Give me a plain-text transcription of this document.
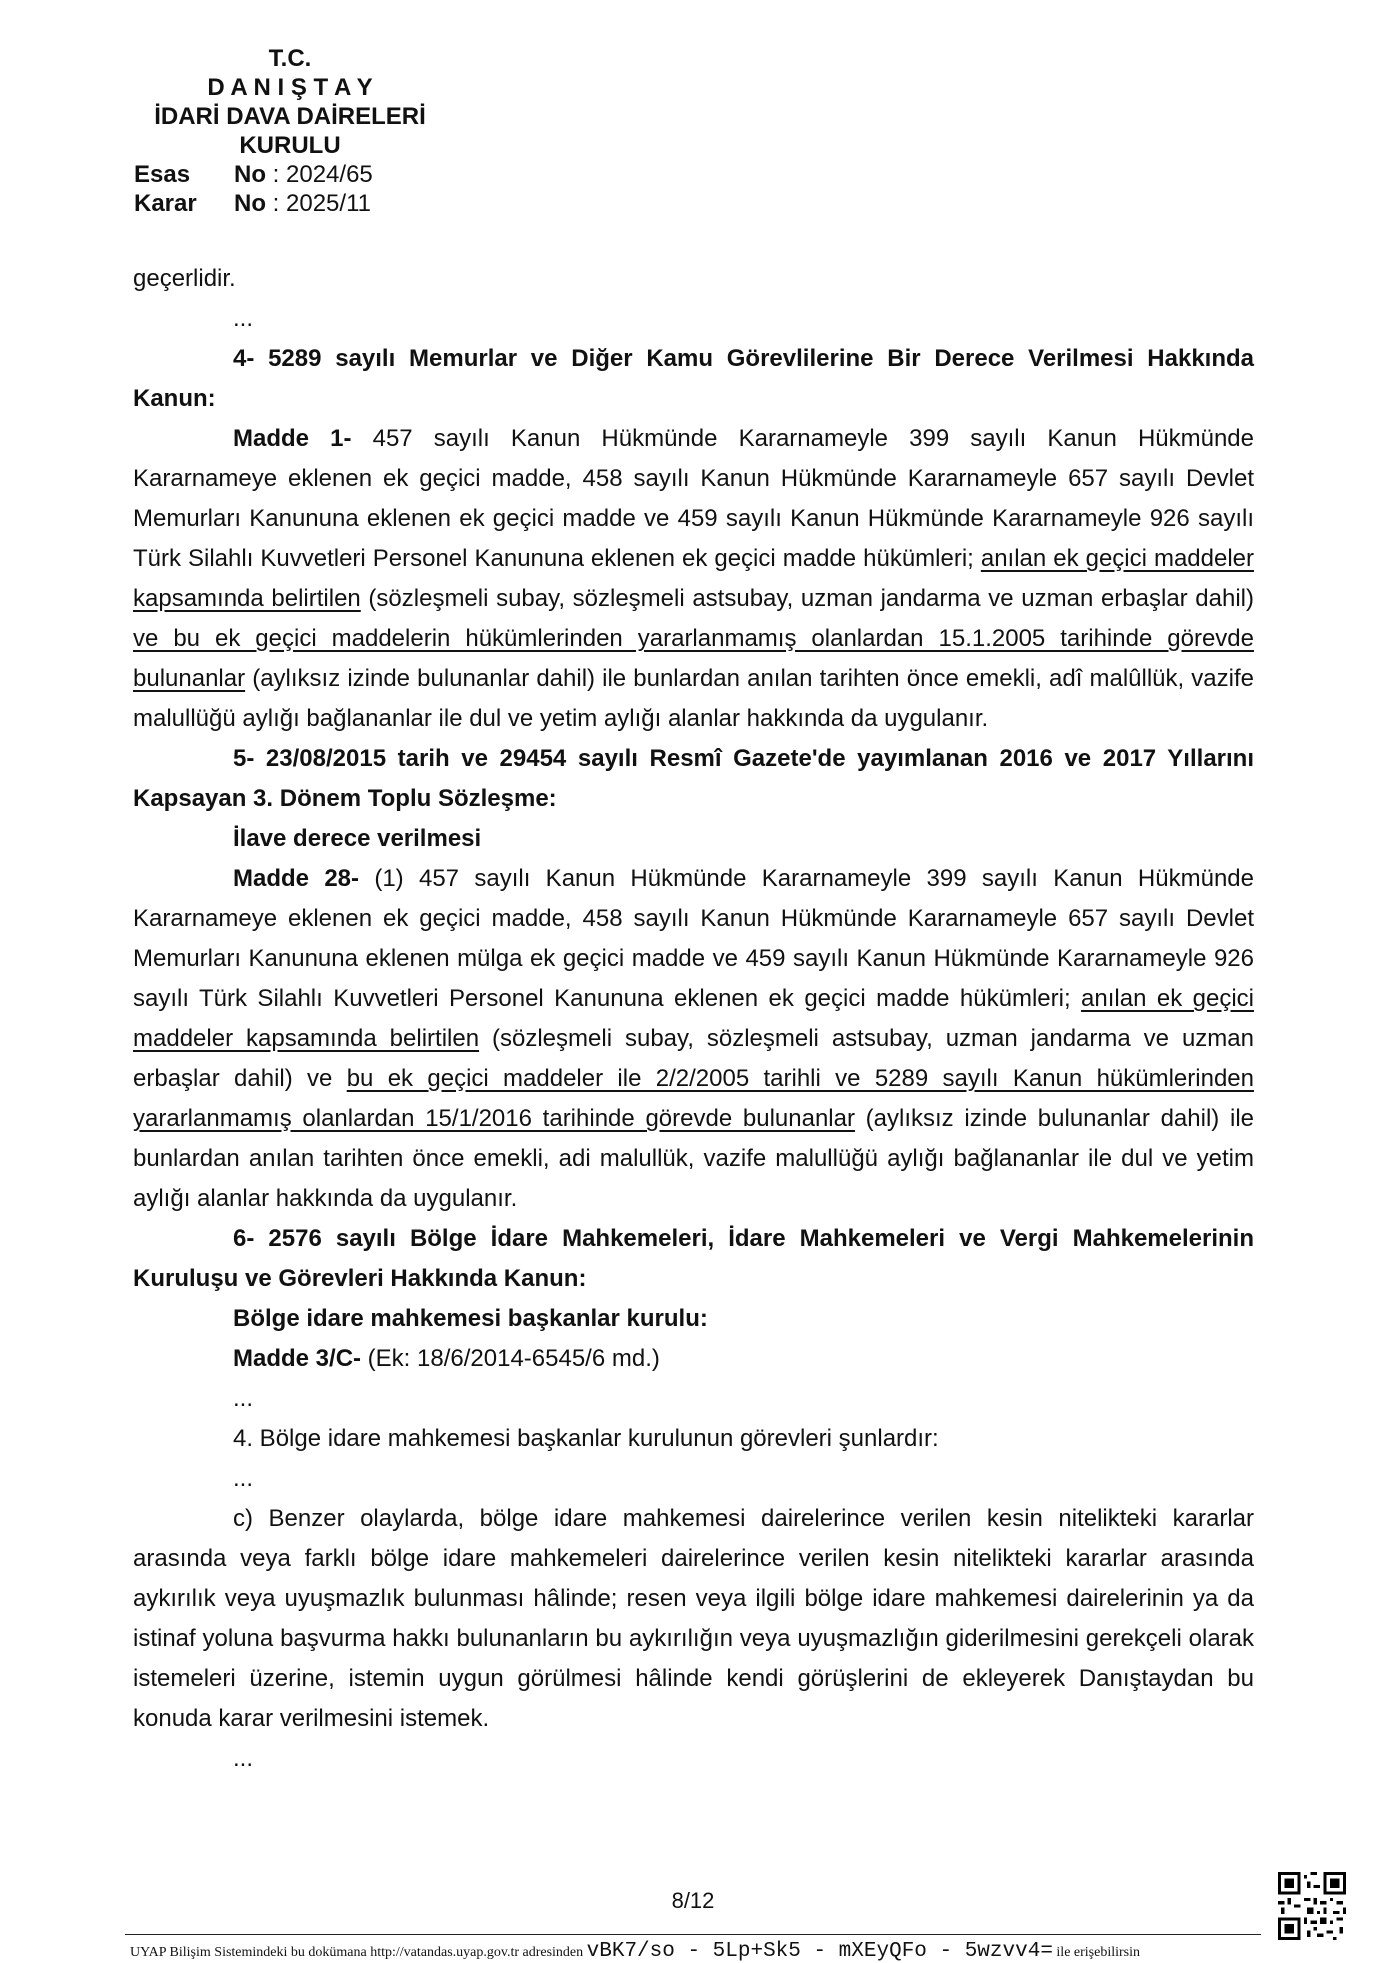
T.C.
D A N I Ş T A Y
İDARİ DAVA DAİRELERİ
KURULU
Esas No : 2024/65
Karar No : 2025/11

geçerlidir.

...

4- 5289 sayılı Memurlar ve Diğer Kamu Görevlilerine Bir Derece Verilmesi Hakkında Kanun:

Madde 1- 457 sayılı Kanun Hükmünde Kararnameyle 399 sayılı Kanun Hükmünde Kararnameye eklenen ek geçici madde, 458 sayılı Kanun Hükmünde Kararnameyle 657 sayılı Devlet Memurları Kanununa eklenen ek geçici madde ve 459 sayılı Kanun Hükmünde Kararnameyle 926 sayılı Türk Silahlı Kuvvetleri Personel Kanununa eklenen ek geçici madde hükümleri; anılan ek geçici maddeler kapsamında belirtilen (sözleşmeli subay, sözleşmeli astsubay, uzman jandarma ve uzman erbaşlar dahil) ve bu ek geçici maddelerin hükümlerinden yararlanmamış olanlardan 15.1.2005 tarihinde görevde bulunanlar (aylıksız izinde bulunanlar dahil) ile bunlardan anılan tarihten önce emekli, adî malûllük, vazife malullüğü aylığı bağlananlar ile dul ve yetim aylığı alanlar hakkında da uygulanır.

5- 23/08/2015 tarih ve 29454 sayılı Resmî Gazete'de yayımlanan 2016 ve 2017 Yıllarını Kapsayan 3. Dönem Toplu Sözleşme:

İlave derece verilmesi

Madde 28- (1) 457 sayılı Kanun Hükmünde Kararnameyle 399 sayılı Kanun Hükmünde Kararnameye eklenen ek geçici madde, 458 sayılı Kanun Hükmünde Kararnameyle 657 sayılı Devlet Memurları Kanununa eklenen mülga ek geçici madde ve 459 sayılı Kanun Hükmünde Kararnameyle 926 sayılı Türk Silahlı Kuvvetleri Personel Kanununa eklenen ek geçici madde hükümleri; anılan ek geçici maddeler kapsamında belirtilen (sözleşmeli subay, sözleşmeli astsubay, uzman jandarma ve uzman erbaşlar dahil) ve bu ek geçici maddeler ile 2/2/2005 tarihli ve 5289 sayılı Kanun hükümlerinden yararlanmamış olanlardan 15/1/2016 tarihinde görevde bulunanlar (aylıksız izinde bulunanlar dahil) ile bunlardan anılan tarihten önce emekli, adi malullük, vazife malullüğü aylığı bağlananlar ile dul ve yetim aylığı alanlar hakkında da uygulanır.

6- 2576 sayılı Bölge İdare Mahkemeleri, İdare Mahkemeleri ve Vergi Mahkemelerinin Kuruluşu ve Görevleri Hakkında Kanun:

Bölge idare mahkemesi başkanlar kurulu:

Madde 3/C- (Ek: 18/6/2014-6545/6 md.)

...

4. Bölge idare mahkemesi başkanlar kurulunun görevleri şunlardır:

...

c) Benzer olaylarda, bölge idare mahkemesi dairelerince verilen kesin nitelikteki kararlar arasında veya farklı bölge idare mahkemeleri dairelerince verilen kesin nitelikteki kararlar arasında aykırılık veya uyuşmazlık bulunması hâlinde; resen veya ilgili bölge idare mahkemesi dairelerinin ya da istinaf yoluna başvurma hakkı bulunanların bu aykırılığın veya uyuşmazlığın giderilmesini gerekçeli olarak istemeleri üzerine, istemin uygun görülmesi hâlinde kendi görüşlerini de ekleyerek Danıştaydan bu konuda karar verilmesini istemek.

...

8/12
UYAP Bilişim Sistemindeki bu dokümana http://vatandas.uyap.gov.tr adresinden vBK7/so - 5Lp+Sk5 - mXEyQFo - 5wzvv4= ile erişebilirsin
